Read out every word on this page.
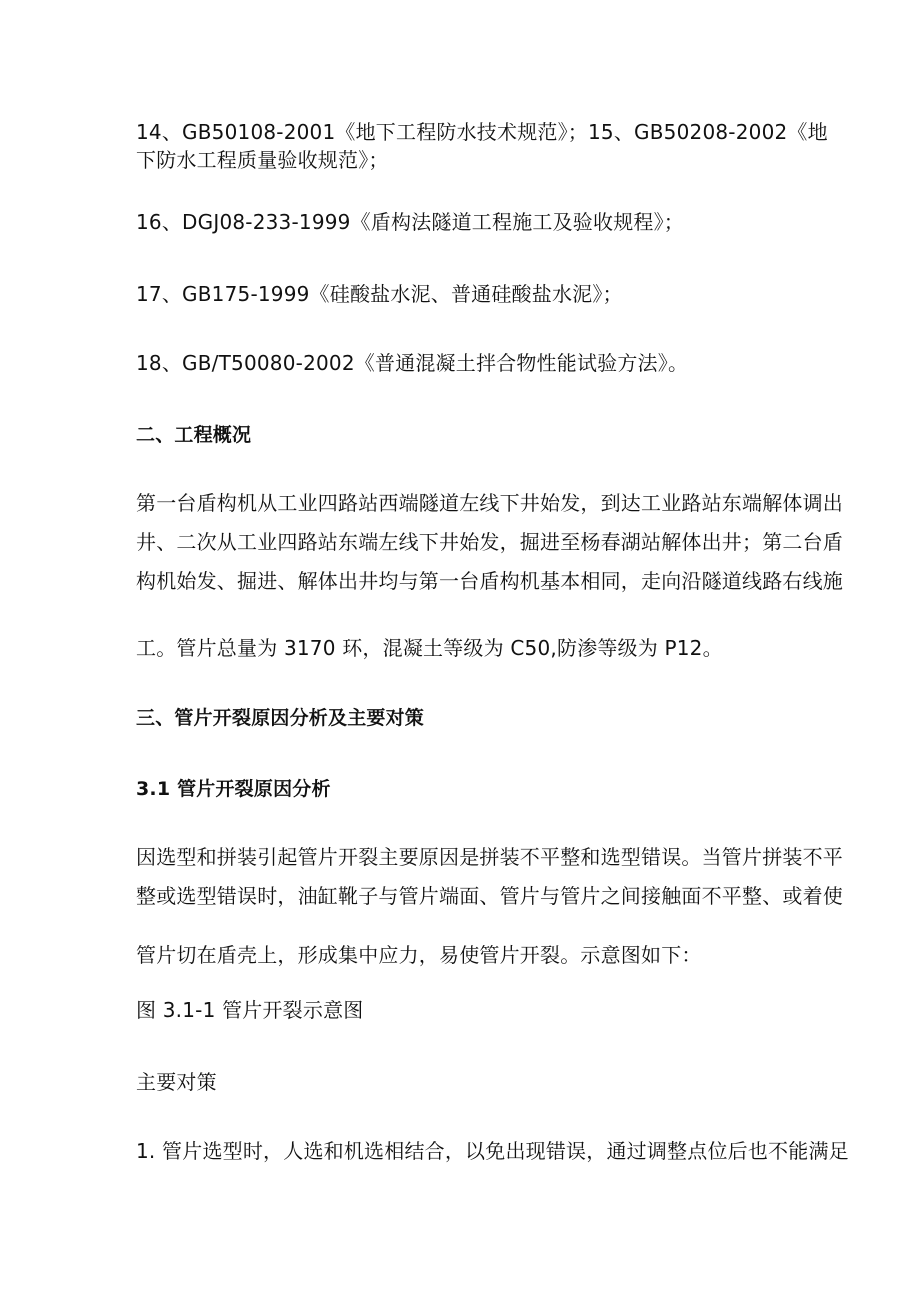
14、GB50108-2001《地下工程防水技术规范》；15、GB50208-2002《地

下防水工程质量验收规范》；

16、DGJ08-233-1999《盾构法隧道工程施工及验收规程》；

17、GB175-1999《硅酸盐水泥、普通硅酸盐水泥》；

18、GB/T50080-2002《普通混凝土拌合物性能试验方法》。

二、工程概况

第一台盾构机从工业四路站西端隧道左线下井始发，到达工业路站东端解体调出

井、二次从工业四路站东端左线下井始发，掘进至杨春湖站解体出井；第二台盾

构机始发、掘进、解体出井均与第一台盾构机基本相同，走向沿隧道线路右线施

工。管片总量为 3170 环，混凝土等级为 C50,防渗等级为 P12。

三、管片开裂原因分析及主要对策

3.1 管片开裂原因分析

因选型和拼装引起管片开裂主要原因是拼装不平整和选型错误。当管片拼装不平

整或选型错误时，油缸靴子与管片端面、管片与管片之间接触面不平整、或着使

管片切在盾壳上，形成集中应力，易使管片开裂。示意图如下：

图 3.1-1 管片开裂示意图

主要对策

1. 管片选型时，人选和机选相结合，以免出现错误，通过调整点位后也不能满足
